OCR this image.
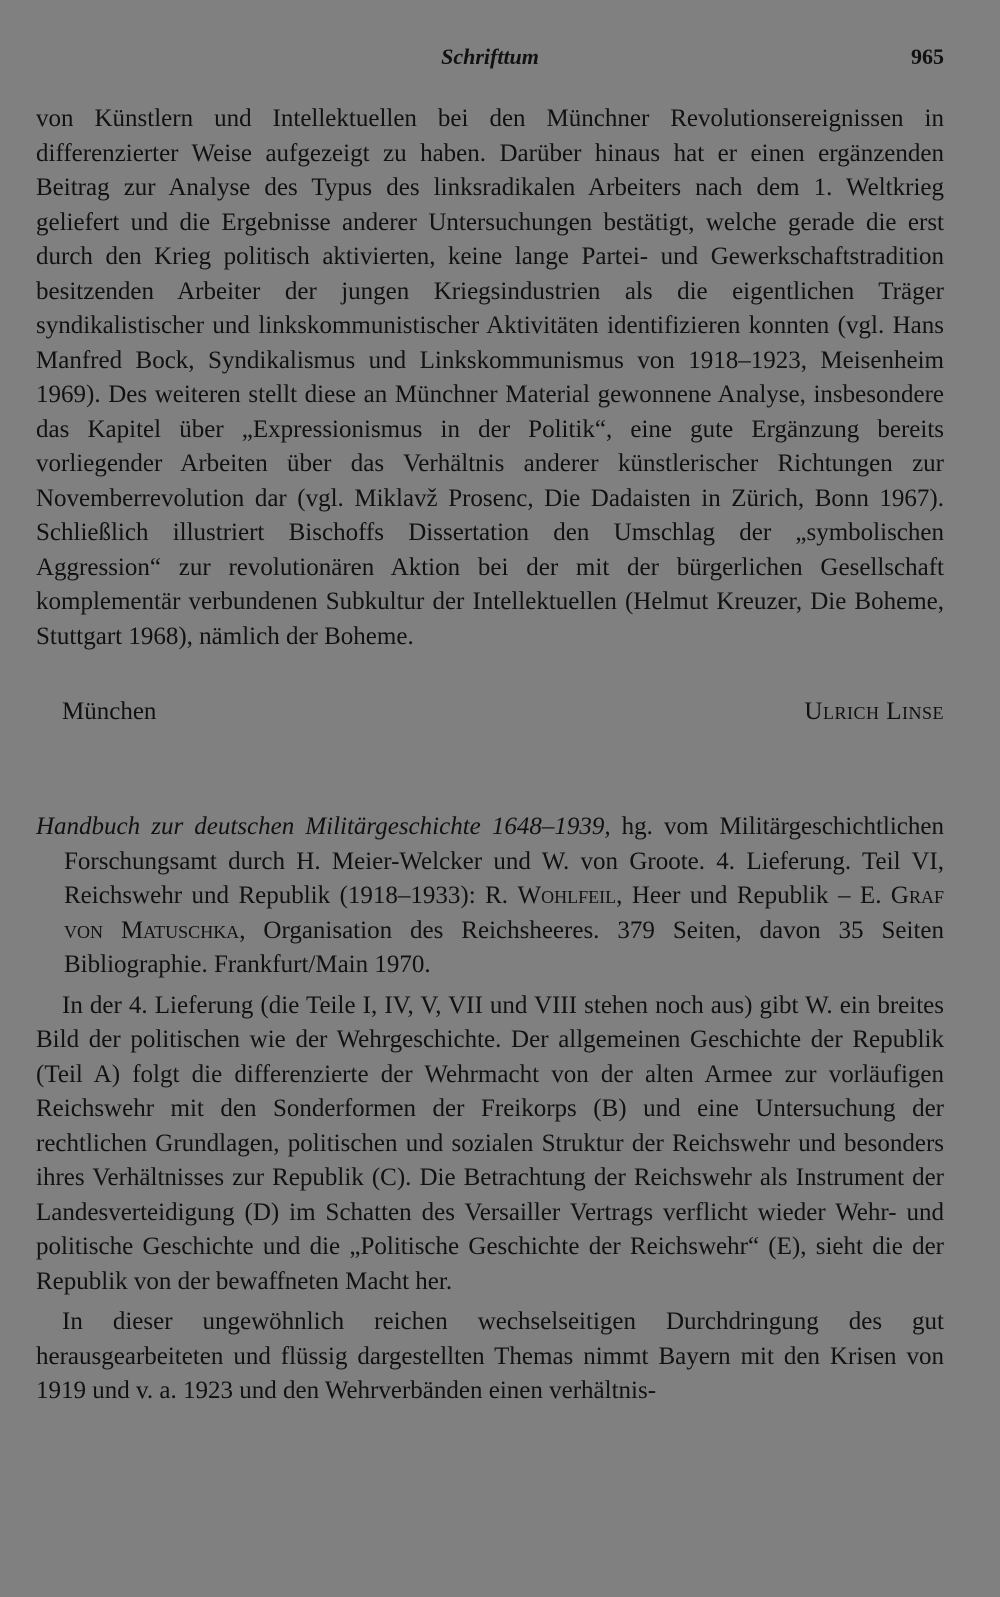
Schrifttum	965

von Künstlern und Intellektuellen bei den Münchner Revolutionsereignissen in differenzierter Weise aufgezeigt zu haben. Darüber hinaus hat er einen ergänzenden Beitrag zur Analyse des Typus des linksradikalen Arbeiters nach dem 1. Weltkrieg geliefert und die Ergebnisse anderer Untersuchungen bestätigt, welche gerade die erst durch den Krieg politisch aktivierten, keine lange Partei- und Gewerkschaftstradition besitzenden Arbeiter der jungen Kriegsindustrien als die eigentlichen Träger syndikalistischer und linkskommunistischer Aktivitäten identifizieren konnten (vgl. Hans Manfred Bock, Syndikalismus und Linkskommunismus von 1918–1923, Meisenheim 1969). Des weiteren stellt diese an Münchner Material gewonnene Analyse, insbesondere das Kapitel über „Expressionismus in der Politik“, eine gute Ergänzung bereits vorliegender Arbeiten über das Verhältnis anderer künstlerischer Richtungen zur Novemberrevolution dar (vgl. Miklavž Prosenc, Die Dadaisten in Zürich, Bonn 1967). Schließlich illustriert Bischoffs Dissertation den Umschlag der „symbolischen Aggression“ zur revolutionären Aktion bei der mit der bürgerlichen Gesellschaft komplementär verbundenen Subkultur der Intellektuellen (Helmut Kreuzer, Die Boheme, Stuttgart 1968), nämlich der Boheme.

München	Ulrich Linse

Handbuch zur deutschen Militärgeschichte 1648–1939, hg. vom Militärgeschichtlichen Forschungsamt durch H. Meier-Welcker und W. von Groote. 4. Lieferung. Teil VI, Reichswehr und Republik (1918–1933): R. Wohlfeil, Heer und Republik – E. Graf von Matuschka, Organisation des Reichsheeres. 379 Seiten, davon 35 Seiten Bibliographie. Frankfurt/Main 1970.

In der 4. Lieferung (die Teile I, IV, V, VII und VIII stehen noch aus) gibt W. ein breites Bild der politischen wie der Wehrgeschichte. Der allgemeinen Geschichte der Republik (Teil A) folgt die differenzierte der Wehrmacht von der alten Armee zur vorläufigen Reichswehr mit den Sonderformen der Freikorps (B) und eine Untersuchung der rechtlichen Grundlagen, politischen und sozialen Struktur der Reichswehr und besonders ihres Verhältnisses zur Republik (C). Die Betrachtung der Reichswehr als Instrument der Landesverteidigung (D) im Schatten des Versailler Vertrags verflicht wieder Wehr- und politische Geschichte und die „Politische Geschichte der Reichswehr“ (E), sieht die der Republik von der bewaffneten Macht her.

In dieser ungewöhnlich reichen wechselseitigen Durchdringung des gut herausgearbeiteten und flüssig dargestellten Themas nimmt Bayern mit den Krisen von 1919 und v. a. 1923 und den Wehrverbänden einen verhältnis-
